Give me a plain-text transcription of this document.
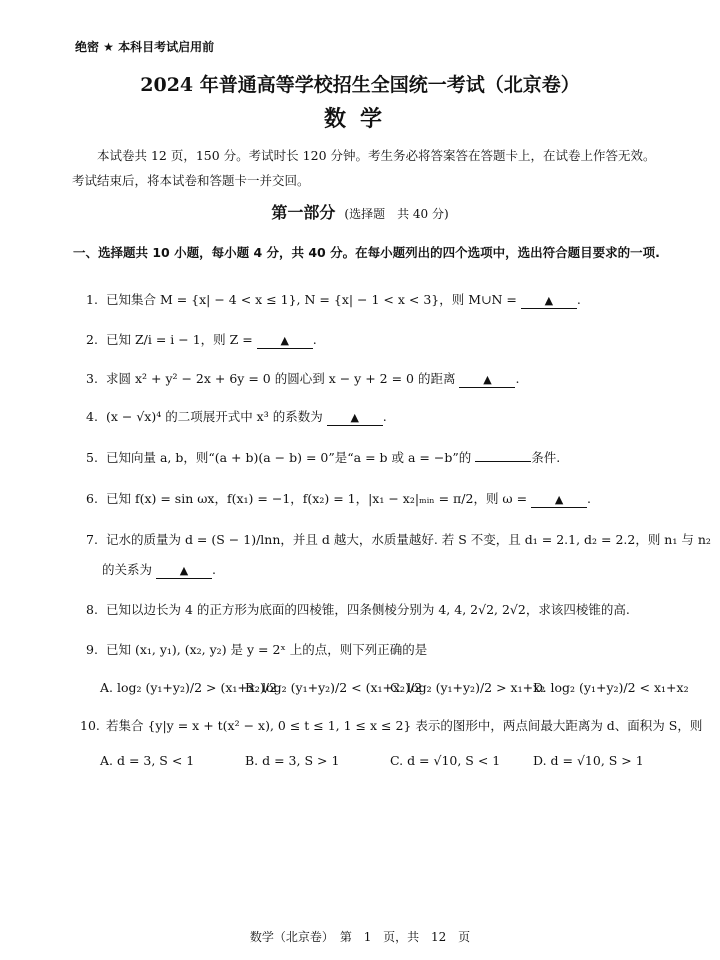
绝密 ★ 本科目考试启用前
2024 年普通高等学校招生全国统一考试（北京卷）
数学
本试卷共 12 页，150 分。考试时长 120 分钟。考生务必将答案答在答题卡上，在试卷上作答无效。考试结束后，将本试卷和答题卡一并交回。
第一部分 (选择题　共 40 分)
一、选择题共 10 小题，每小题 4 分，共 40 分。在每小题列出的四个选项中，选出符合题目要求的一项.
1. 已知集合 M = {x| − 4 < x ≤ 1}, N = {x| − 1 < x < 3}，则 M∪N =	▲ .
2. 已知 Z/i = i − 1，则 Z =	▲ .
3. 求圆 x² + y² − 2x + 6y = 0 的圆心到 x − y + 2 = 0 的距离	▲ .
4. (x − √x)⁴ 的二项展开式中 x³ 的系数为	▲ .
5. 已知向量 a, b，则“(a + b)(a − b) = 0”是“a = b 或 a = −b”的	条件.
6. 已知 f(x) = sin ωx，f(x₁) = −1，f(x₂) = 1，|x₁ − x₂|ₘᵢₙ = π/2，则 ω =	▲ .
7. 记水的质量为 d = (S − 1)/lnn，并且 d 越大，水质量越好. 若 S 不变，且 d₁ = 2.1, d₂ = 2.2，则 n₁ 与 n₂
的关系为	▲ .
8. 已知以边长为 4 的正方形为底面的四棱锥，四条侧棱分别为 4, 4, 2√2, 2√2，求该四棱锥的高.
9. 已知 (x₁, y₁), (x₂, y₂) 是 y = 2ˣ 上的点，则下列正确的是
A. log₂ (y₁+y₂)/2 > (x₁+x₂)/2
B. log₂ (y₁+y₂)/2 < (x₁+x₂)/2
C. log₂ (y₁+y₂)/2 > x₁+x₂
D. log₂ (y₁+y₂)/2 < x₁+x₂
10. 若集合 {y|y = x + t(x² − x), 0 ≤ t ≤ 1, 1 ≤ x ≤ 2} 表示的图形中，两点间最大距离为 d、面积为 S，则
A. d = 3, S < 1	B. d = 3, S > 1	C. d = √10, S < 1	D. d = √10, S > 1
数学（北京卷）　第 1 页，共 12 页
